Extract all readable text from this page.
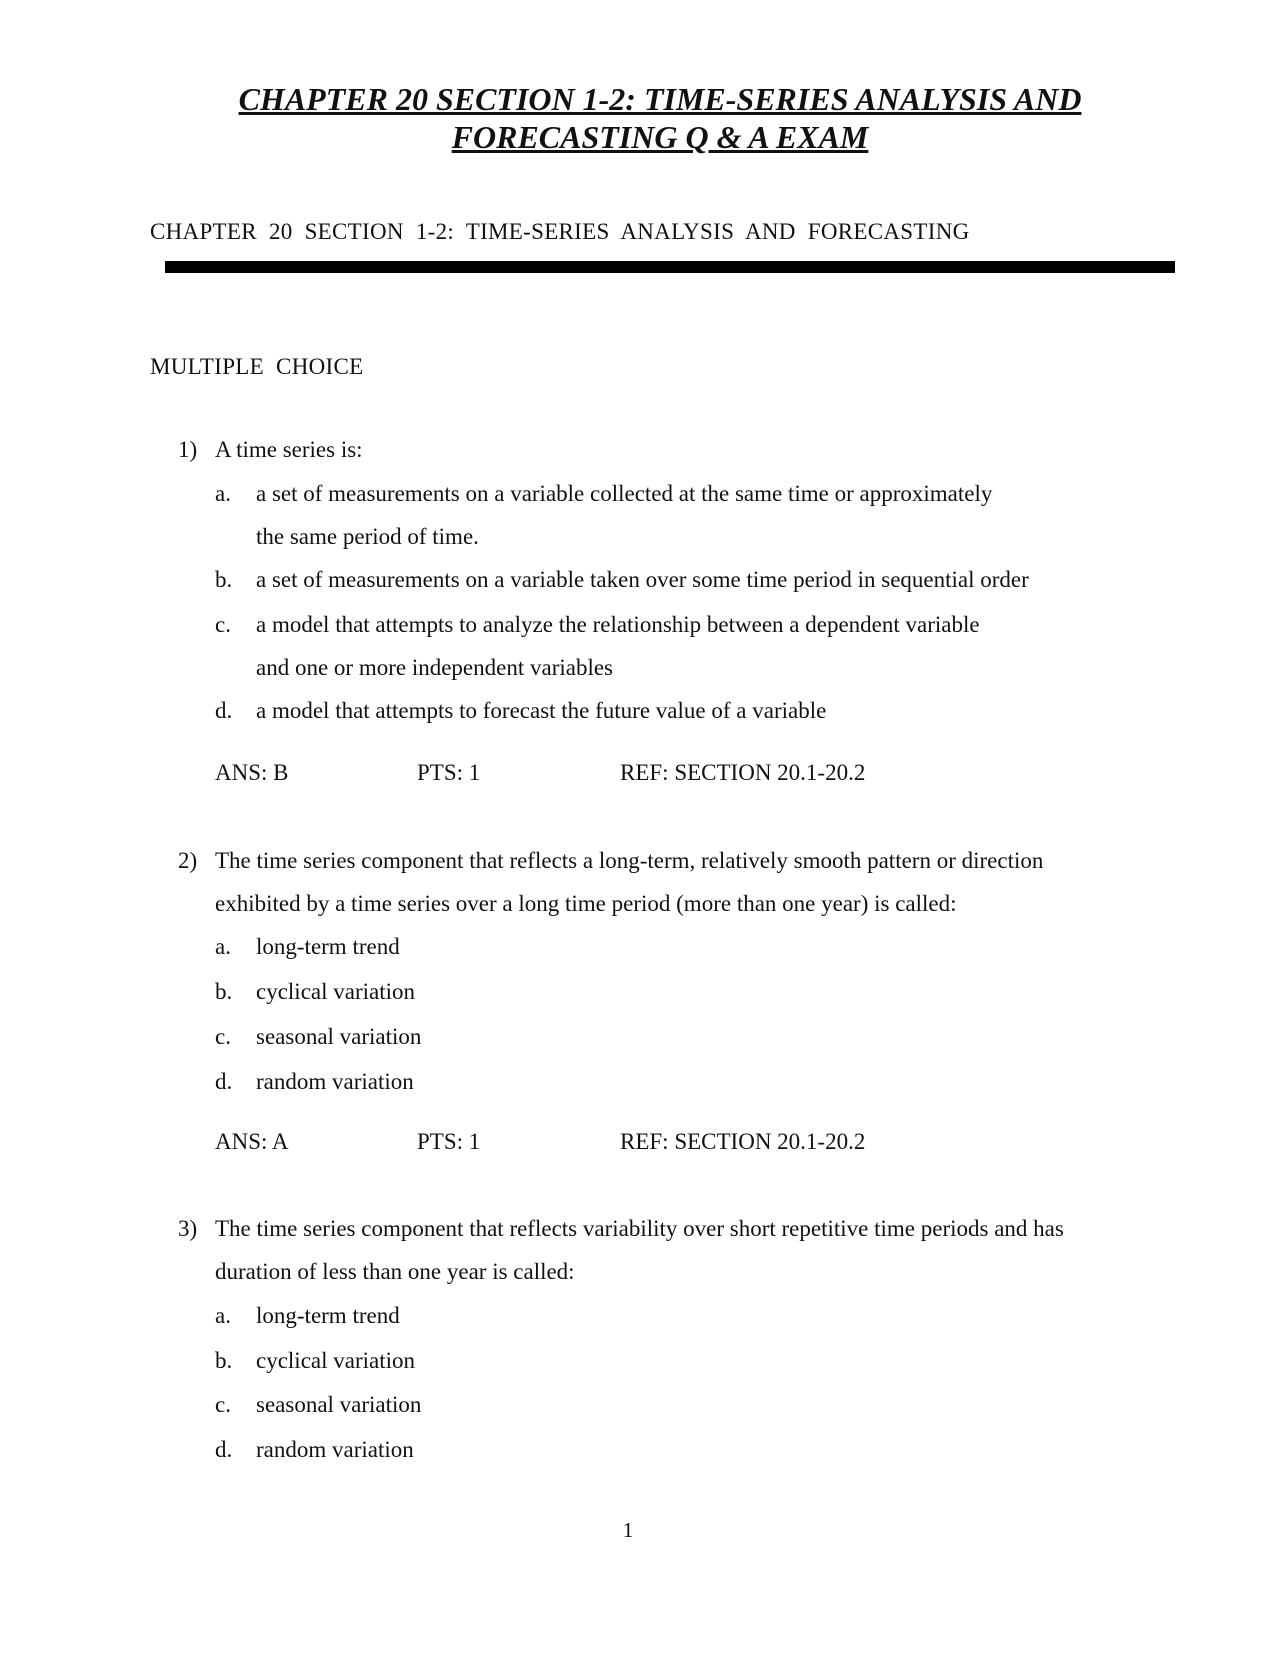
CHAPTER 20 SECTION 1-2: TIME-SERIES ANALYSIS AND
FORECASTING Q & A EXAM
CHAPTER 20 SECTION 1-2: TIME-SERIES ANALYSIS AND FORECASTING
MULTIPLE CHOICE
1) A time series is:
a. a set of measurements on a variable collected at the same time or approximately
the same period of time.
b. a set of measurements on a variable taken over some time period in sequential order
c. a model that attempts to analyze the relationship between a dependent variable
and one or more independent variables
d. a model that attempts to forecast the future value of a variable
ANS: B	PTS: 1	REF: SECTION 20.1-20.2
2) The time series component that reflects a long-term, relatively smooth pattern or direction
exhibited by a time series over a long time period (more than one year) is called:
a. long-term trend
b. cyclical variation
c. seasonal variation
d. random variation
ANS: A	PTS: 1	REF: SECTION 20.1-20.2
3) The time series component that reflects variability over short repetitive time periods and has
duration of less than one year is called:
a. long-term trend
b. cyclical variation
c. seasonal variation
d. random variation
1
